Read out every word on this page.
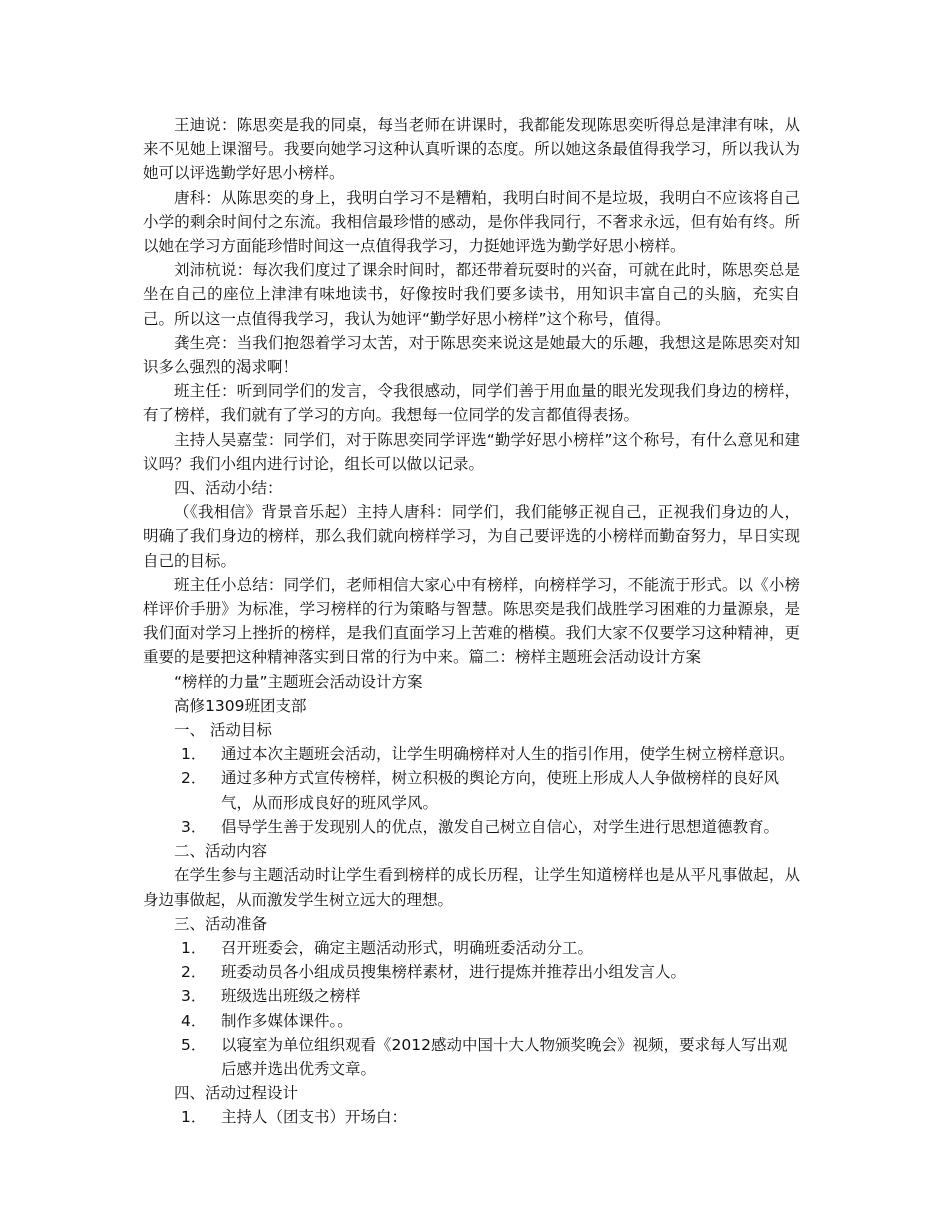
王迪说：陈思奕是我的同桌，每当老师在讲课时，我都能发现陈思奕听得总是津津有味，从来不见她上课溜号。我要向她学习这种认真听课的态度。所以她这条最值得我学习，所以我认为她可以评选勤学好思小榜样。

唐科：从陈思奕的身上，我明白学习不是糟粕，我明白时间不是垃圾，我明白不应该将自己小学的剩余时间付之东流。我相信最珍惜的感动，是你伴我同行，不奢求永远，但有始有终。所以她在学习方面能珍惜时间这一点值得我学习，力挺她评选为勤学好思小榜样。

刘沛杭说：每次我们度过了课余时间时，都还带着玩耍时的兴奋，可就在此时，陈思奕总是坐在自己的座位上津津有味地读书，好像按时我们要多读书，用知识丰富自己的头脑，充实自己。所以这一点值得我学习，我认为她评“勤学好思小榜样”这个称号，值得。

龚生亮：当我们抱怨着学习太苦，对于陈思奕来说这是她最大的乐趣，我想这是陈思奕对知识多么强烈的渴求啊！

班主任：听到同学们的发言，令我很感动，同学们善于用血量的眼光发现我们身边的榜样，有了榜样，我们就有了学习的方向。我想每一位同学的发言都值得表扬。

主持人吴嘉莹：同学们，对于陈思奕同学评选“勤学好思小榜样”这个称号，有什么意见和建议吗？我们小组内进行讨论，组长可以做以记录。

四、活动小结：

（《我相信》背景音乐起）主持人唐科：同学们，我们能够正视自己，正视我们身边的人，明确了我们身边的榜样，那么我们就向榜样学习，为自己要评选的小榜样而勤奋努力，早日实现自己的目标。

班主任小总结：同学们，老师相信大家心中有榜样，向榜样学习，不能流于形式。以《小榜样评价手册》为标准，学习榜样的行为策略与智慧。陈思奕是我们战胜学习困难的力量源泉，是我们面对学习上挫折的榜样，是我们直面学习上苦难的楷模。我们大家不仅要学习这种精神，更重要的是要把这种精神落实到日常的行为中来。篇二：榜样主题班会活动设计方案

“榜样的力量”主题班会活动设计方案

高修1309班团支部

一、 活动目标

1． 通过本次主题班会活动，让学生明确榜样对人生的指引作用，使学生树立榜样意识。
2． 通过多种方式宣传榜样，树立积极的舆论方向，使班上形成人人争做榜样的良好风气，从而形成良好的班风学风。
3． 倡导学生善于发现别人的优点，激发自己树立自信心，对学生进行思想道德教育。

二、活动内容

在学生参与主题活动时让学生看到榜样的成长历程，让学生知道榜样也是从平凡事做起，从身边事做起，从而激发学生树立远大的理想。

三、活动准备

1． 召开班委会，确定主题活动形式，明确班委活动分工。
2． 班委动员各小组成员搜集榜样素材，进行提炼并推荐出小组发言人。
3． 班级选出班级之榜样
4． 制作多媒体课件。。
5． 以寝室为单位组织观看《2012感动中国十大人物颁奖晚会》视频，要求每人写出观后感并选出优秀文章。

四、活动过程设计

1． 主持人（团支书）开场白：
